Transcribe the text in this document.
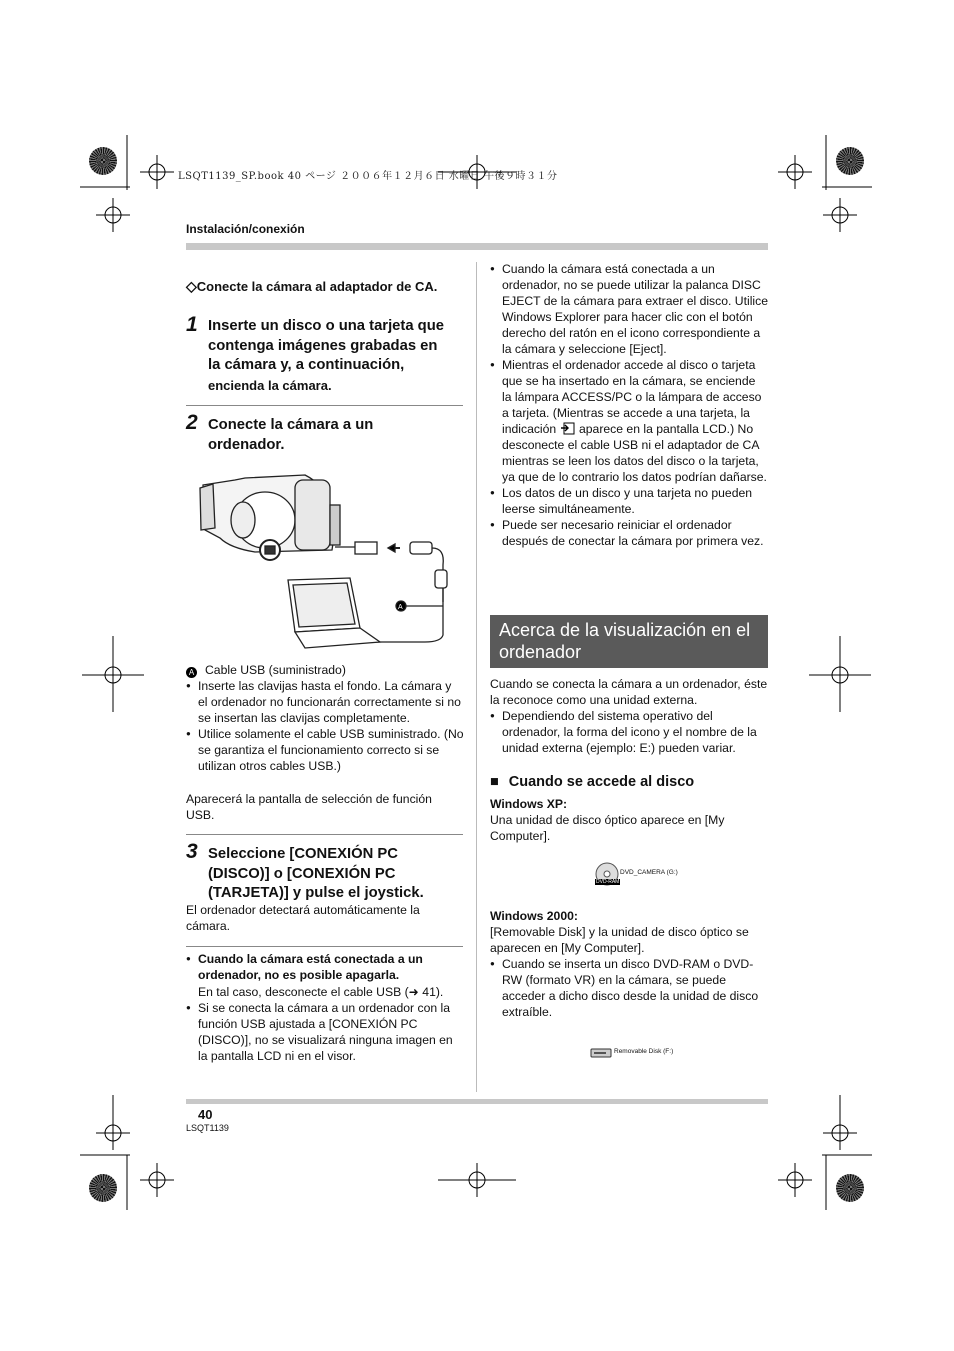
LSQT1139_SP.book 40 ページ ２００６年１２月６日 水曜日 午後９時３１分
Instalación/conexión
◇Conecte la cámara al adaptador de CA.
1 Inserte un disco o una tarjeta que
contenga imágenes grabadas en
la cámara y, a continuación,
encienda la cámara.
2 Conecte la cámara a un
ordenador.
A
A Cable USB (suministrado)
● Inserte las clavijas hasta el fondo. La cámara y el ordenador no funcionarán correctamente si no se insertan las clavijas completamente.
● Utilice solamente el cable USB suministrado. (No se garantiza el funcionamiento correcto si se utilizan otros cables USB.)
Aparecerá la pantalla de selección de función USB.
3 Seleccione [CONEXIÓN PC
(DISCO)] o [CONEXIÓN PC
(TARJETA)] y pulse el joystick.
El ordenador detectará automáticamente la cámara.
● Cuando la cámara está conectada a un ordenador, no es posible apagarla.
En tal caso, desconecte el cable USB (➜ 41).
● Si se conecta la cámara a un ordenador con la función USB ajustada a [CONEXIÓN PC (DISCO)], no se visualizará ninguna imagen en la pantalla LCD ni en el visor.
● Cuando la cámara está conectada a un ordenador, no se puede utilizar la palanca DISC EJECT de la cámara para extraer el disco. Utilice Windows Explorer para hacer clic con el botón derecho del ratón en el icono correspondiente a la cámara y seleccione [Eject].
● Mientras el ordenador accede al disco o tarjeta que se ha insertado en la cámara, se enciende la lámpara ACCESS/PC o la lámpara de acceso a tarjeta. (Mientras se accede a una tarjeta, la indicación aparece en la pantalla LCD.) No desconecte el cable USB ni el adaptador de CA mientras se leen los datos del disco o la tarjeta, ya que de lo contrario los datos podrían dañarse.
● Los datos de un disco y una tarjeta no pueden leerse simultáneamente.
● Puede ser necesario reiniciar el ordenador después de conectar la cámara por primera vez.
Acerca de la visualización en el ordenador
Cuando se conecta la cámara a un ordenador, éste la reconoce como una unidad externa.
● Dependiendo del sistema operativo del ordenador, la forma del icono y el nombre de la unidad externa (ejemplo: E:) pueden variar.
■ Cuando se accede al disco
Windows XP:
Una unidad de disco óptico aparece en [My Computer].
DVD-RAM
DVD_CAMERA (G:)
Windows 2000:
[Removable Disk] y la unidad de disco óptico se aparecen en [My Computer].
● Cuando se inserta un disco DVD-RAM o DVD-RW (formato VR) en la cámara, se puede acceder a dicho disco desde la unidad de disco extraíble.
Removable Disk (F:)
40
LSQT1139
